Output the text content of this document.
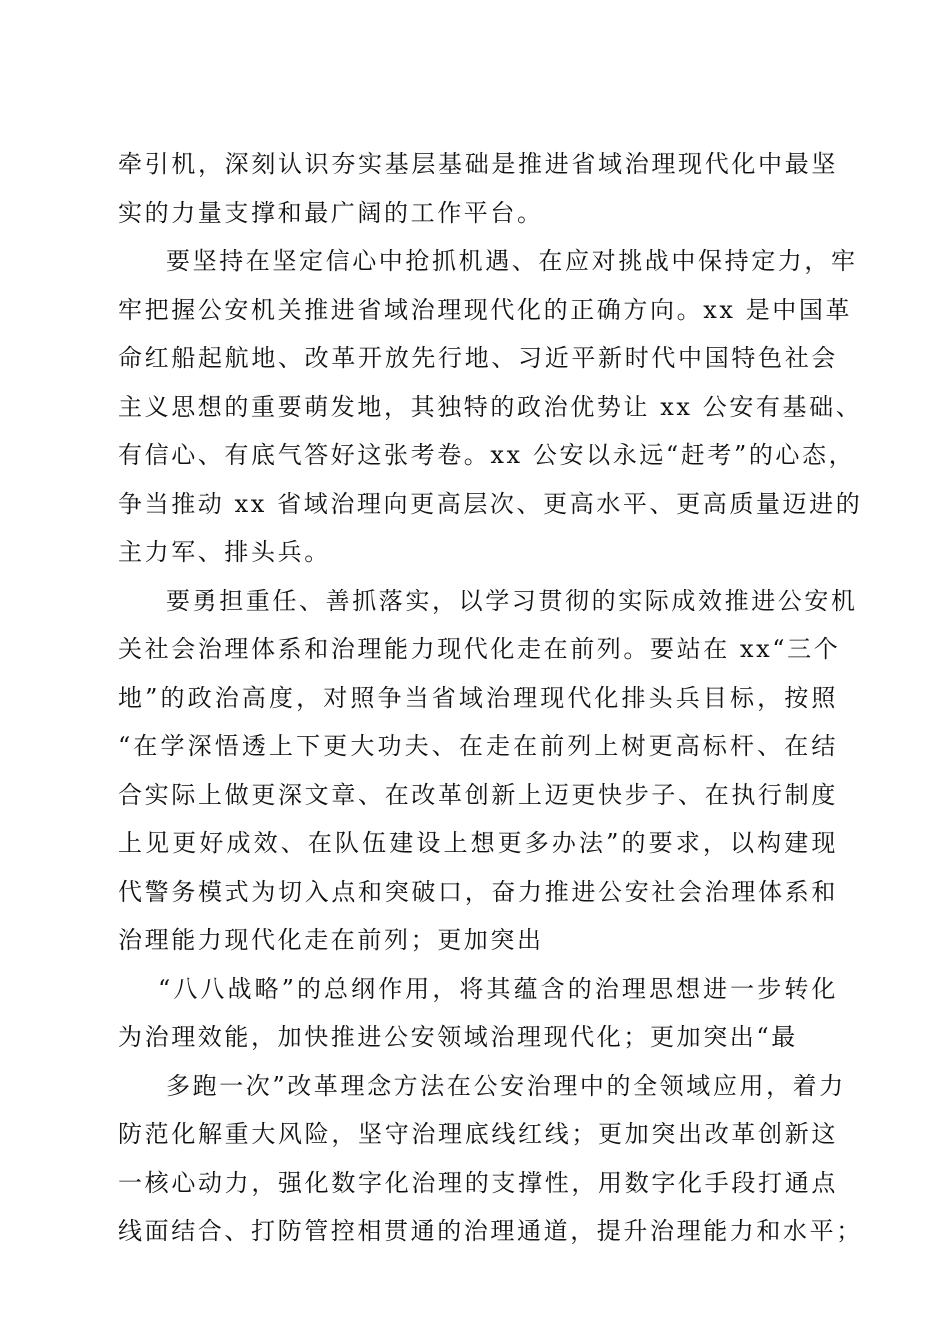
牵引机，深刻认识夯实基层基础是推进省域治理现代化中最坚
实的力量支撑和最广阔的工作平台。
要坚持在坚定信心中抢抓机遇、在应对挑战中保持定力，牢
牢把握公安机关推进省域治理现代化的正确方向。xx 是中国革
命红船起航地、改革开放先行地、习近平新时代中国特色社会
主义思想的重要萌发地，其独特的政治优势让 xx 公安有基础、
有信心、有底气答好这张考卷。xx 公安以永远“赶考”的心态，
争当推动 xx 省域治理向更高层次、更高水平、更高质量迈进的
主力军、排头兵。
要勇担重任、善抓落实，以学习贯彻的实际成效推进公安机
关社会治理体系和治理能力现代化走在前列。要站在 xx“三个
地”的政治高度，对照争当省域治理现代化排头兵目标，按照
“在学深悟透上下更大功夫、在走在前列上树更高标杆、在结
合实际上做更深文章、在改革创新上迈更快步子、在执行制度
上见更好成效、在队伍建设上想更多办法”的要求，以构建现
代警务模式为切入点和突破口，奋力推进公安社会治理体系和
治理能力现代化走在前列；更加突出
“八八战略”的总纲作用，将其蕴含的治理思想进一步转化
为治理效能，加快推进公安领域治理现代化；更加突出“最
多跑一次”改革理念方法在公安治理中的全领域应用，着力
防范化解重大风险，坚守治理底线红线；更加突出改革创新这
一核心动力，强化数字化治理的支撑性，用数字化手段打通点
线面结合、打防管控相贯通的治理通道，提升治理能力和水平；
